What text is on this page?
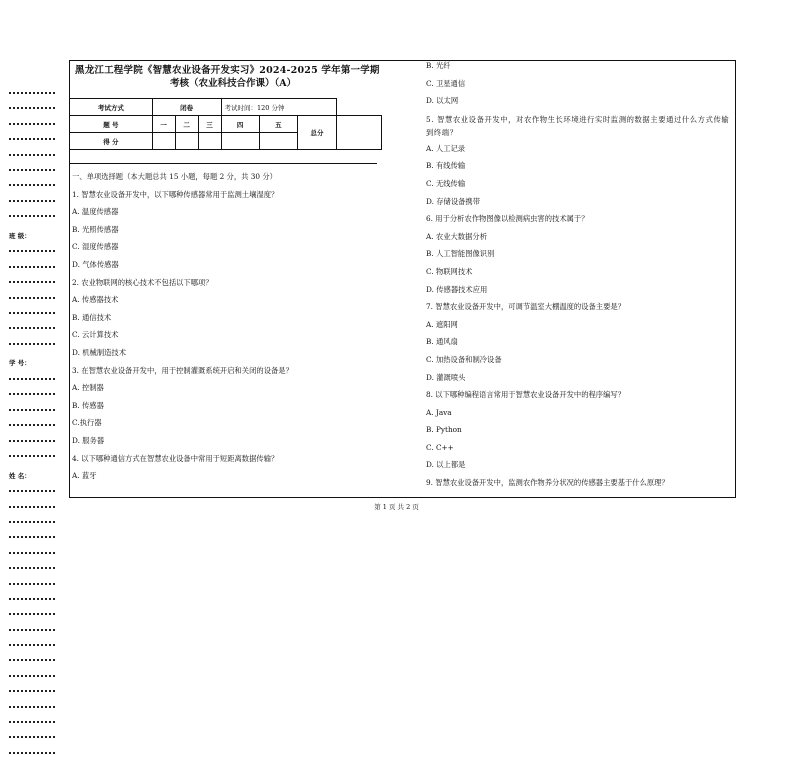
班 级：
学 号：
姓 名：
黑龙江工程学院《智慧农业设备开发实习》2024-2025 学年第一学期
考核（农业科技合作课）（A）
考试方式	闭卷			考试时间：120 分钟			
题 号	一	二	三	四	五	总分	
得 分							
一、单项选择题（本大题总共 15 小题，每题 2 分，共 30 分）
1. 智慧农业设备开发中，以下哪种传感器常用于监测土壤湿度？
A. 温度传感器
B. 光照传感器
C. 湿度传感器
D. 气体传感器
2. 农业物联网的核心技术不包括以下哪项？
A. 传感器技术
B. 通信技术
C. 云计算技术
D. 机械制造技术
3. 在智慧农业设备开发中，用于控制灌溉系统开启和关闭的设备是？
A. 控制器
B. 传感器
C.执行器
D. 服务器
4. 以下哪种通信方式在智慧农业设备中常用于短距离数据传输？
A. 蓝牙
B. 光纤
C. 卫星通信
D. 以太网
5. 智慧农业设备开发中，对农作物生长环境进行实时监测的数据主要通过什么方式传输到终端？
A. 人工记录
B. 有线传输
C. 无线传输
D. 存储设备携带
6. 用于分析农作物图像以检测病虫害的技术属于？
A. 农业大数据分析
B. 人工智能图像识别
C. 物联网技术
D. 传感器技术应用
7. 智慧农业设备开发中，可调节温室大棚温度的设备主要是？
A. 遮阳网
B. 通风扇
C. 加热设备和制冷设备
D. 灌溉喷头
8. 以下哪种编程语言常用于智慧农业设备开发中的程序编写？
A. Java
B. Python
C. C++
D. 以上都是
9. 智慧农业设备开发中，监测农作物养分状况的传感器主要基于什么原理？
第 1 页 共 2 页
